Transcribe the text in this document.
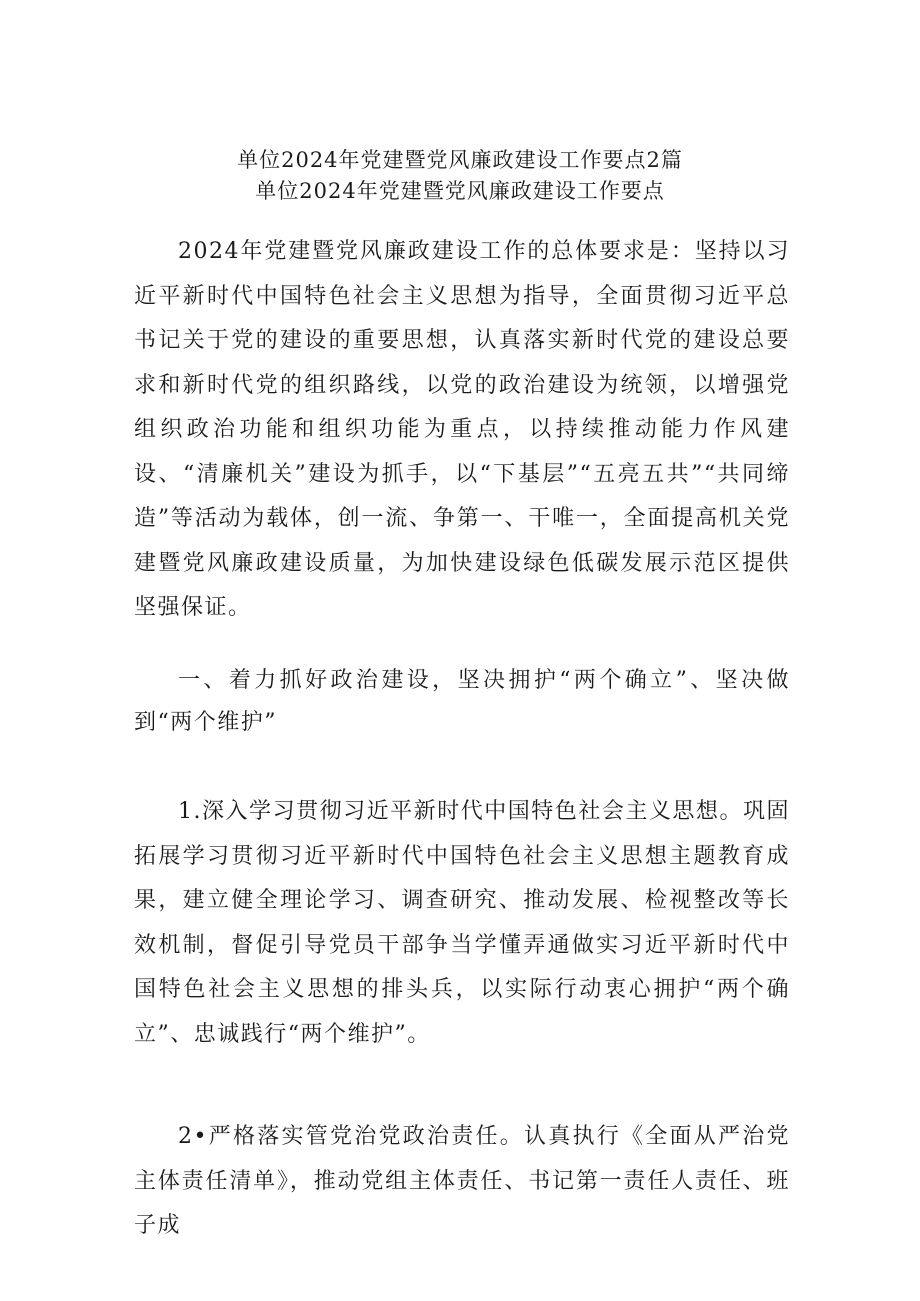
单位2024年党建暨党风廉政建设工作要点2篇
单位2024年党建暨党风廉政建设工作要点

2024年党建暨党风廉政建设工作的总体要求是：坚持以习近平新时代中国特色社会主义思想为指导，全面贯彻习近平总书记关于党的建设的重要思想，认真落实新时代党的建设总要求和新时代党的组织路线，以党的政治建设为统领，以增强党组织政治功能和组织功能为重点，以持续推动能力作风建设、“清廉机关”建设为抓手，以“下基层”“五亮五共”“共同缔造”等活动为载体，创一流、争第一、干唯一，全面提高机关党建暨党风廉政建设质量，为加快建设绿色低碳发展示范区提供坚强保证。

一、着力抓好政治建设，坚决拥护“两个确立”、坚决做到“两个维护”

1.深入学习贯彻习近平新时代中国特色社会主义思想。巩固拓展学习贯彻习近平新时代中国特色社会主义思想主题教育成果，建立健全理论学习、调查研究、推动发展、检视整改等长效机制，督促引导党员干部争当学懂弄通做实习近平新时代中国特色社会主义思想的排头兵，以实际行动衷心拥护“两个确立”、忠诚践行“两个维护”。

2•严格落实管党治党政治责任。认真执行《全面从严治党主体责任清单》，推动党组主体责任、书记第一责任人责任、班子成
